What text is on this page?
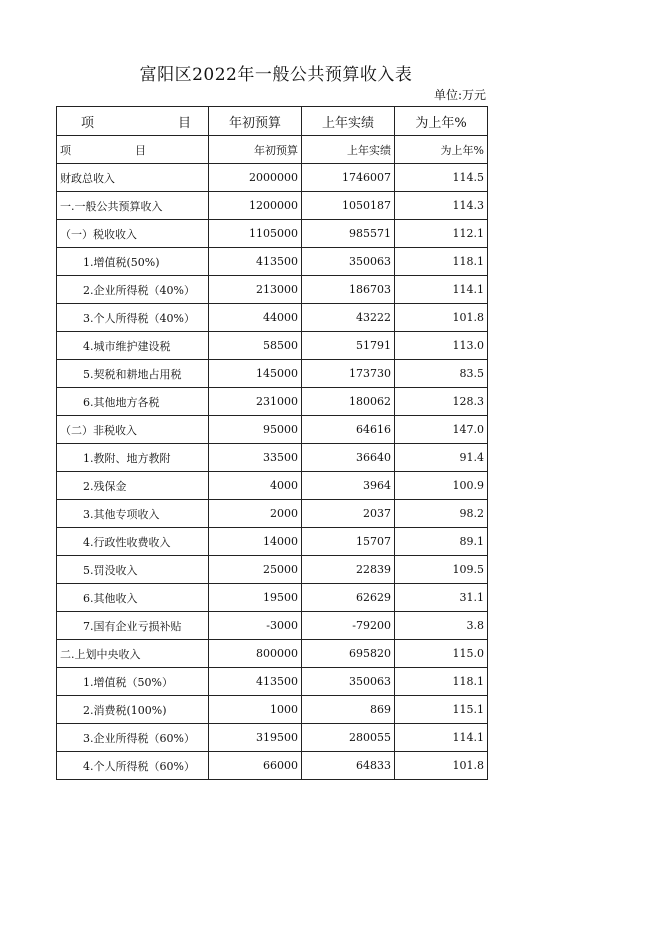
富阳区2022年一般公共预算收入表
单位:万元
项 目	年初预算	上年实绩	为上年%
项 目	年初预算	上年实绩	为上年%
财政总收入	2000000	1746007	114.5
一.一般公共预算收入	1200000	1050187	114.3
（一）税收收入	1105000	985571	112.1
1.增值税(50%)	413500	350063	118.1
2.企业所得税（40%）	213000	186703	114.1
3.个人所得税（40%）	44000	43222	101.8
4.城市维护建设税	58500	51791	113.0
5.契税和耕地占用税	145000	173730	83.5
6.其他地方各税	231000	180062	128.3
（二）非税收入	95000	64616	147.0
1.教附、地方教附	33500	36640	91.4
2.残保金	4000	3964	100.9
3.其他专项收入	2000	2037	98.2
4.行政性收费收入	14000	15707	89.1
5.罚没收入	25000	22839	109.5
6.其他收入	19500	62629	31.1
7.国有企业亏损补贴	-3000	-79200	3.8
二.上划中央收入	800000	695820	115.0
1.增值税（50%）	413500	350063	118.1
2.消费税(100%)	1000	869	115.1
3.企业所得税（60%）	319500	280055	114.1
4.个人所得税（60%）	66000	64833	101.8
